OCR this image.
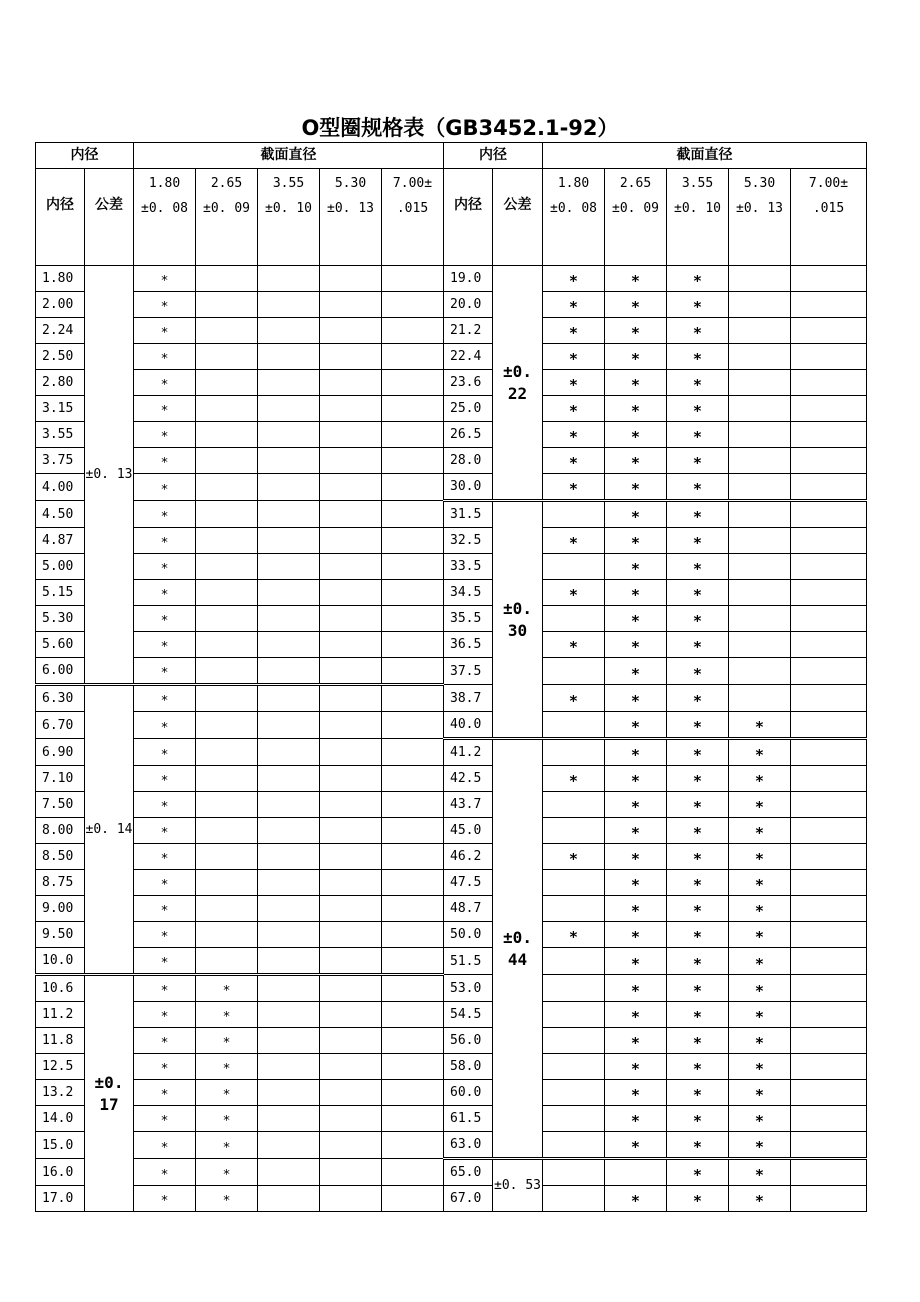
O型圈规格表（GB3452.1-92）
内径		截面直径					内径		截面直径				
内径	公差	1.80 ±0. 08	2.65 ±0. 09	3.55 ±0. 10	5.30 ±0. 13	7.00± .015	内径	公差	1.80 ±0. 08	2.65 ±0. 09	3.55 ±0. 10	5.30 ±0. 13	7.00± .015
1.80	±0. 13	∗					19.0	±0. 22	∗	∗	∗		
2.00		∗					20.0		∗	∗	∗		
2.24		∗					21.2		∗	∗	∗		
2.50		∗					22.4		∗	∗	∗		
2.80		∗					23.6		∗	∗	∗		
3.15		∗					25.0		∗	∗	∗		
3.55		∗					26.5		∗	∗	∗		
3.75		∗					28.0		∗	∗	∗		
4.00		∗					30.0		∗	∗	∗		
4.50		∗					31.5	±0. 30		∗	∗		
4.87		∗					32.5		∗	∗	∗		
5.00		∗					33.5			∗	∗		
5.15		∗					34.5		∗	∗	∗		
5.30		∗					35.5			∗	∗		
5.60		∗					36.5		∗	∗	∗		
6.00		∗					37.5			∗	∗		
6.30	±0. 14	∗					38.7		∗	∗	∗		
6.70		∗					40.0			∗	∗	∗	
6.90		∗					41.2	±0. 44		∗	∗	∗	
7.10		∗					42.5		∗	∗	∗	∗	
7.50		∗					43.7			∗	∗	∗	
8.00		∗					45.0			∗	∗	∗	
8.50		∗					46.2		∗	∗	∗	∗	
8.75		∗					47.5			∗	∗	∗	
9.00		∗					48.7			∗	∗	∗	
9.50		∗					50.0		∗	∗	∗	∗	
10.0		∗					51.5			∗	∗	∗	
10.6	±0. 17	∗	∗				53.0			∗	∗	∗	
11.2		∗	∗				54.5			∗	∗	∗	
11.8		∗	∗				56.0			∗	∗	∗	
12.5		∗	∗				58.0			∗	∗	∗	
13.2		∗	∗				60.0			∗	∗	∗	
14.0		∗	∗				61.5			∗	∗	∗	
15.0		∗	∗				63.0			∗	∗	∗	
16.0		∗	∗				65.0	±0. 53			∗	∗	
17.0		∗	∗				67.0			∗	∗	∗	
